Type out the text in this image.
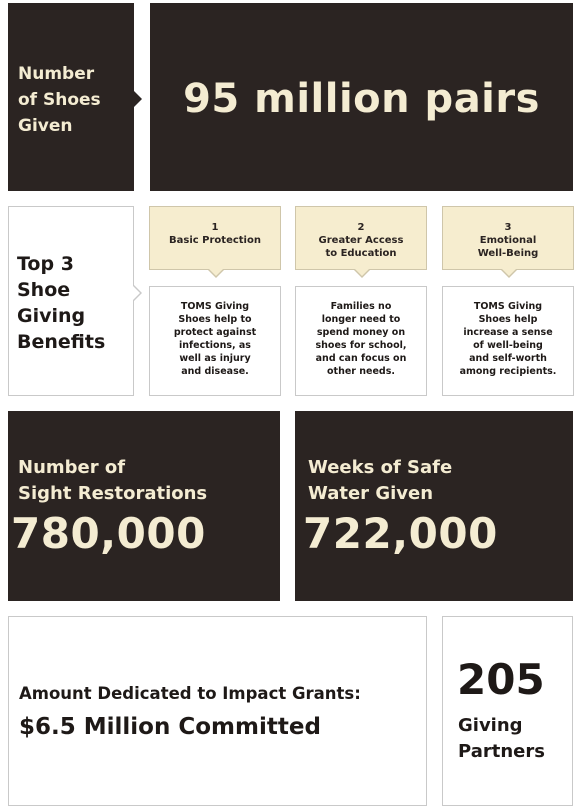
Number
of Shoes
Given
95 million pairs
Top 3
Shoe
Giving
Benefits
1
Basic Protection
TOMS Giving
Shoes help to
protect against
infections, as
well as injury
and disease.
2
Greater Access
to Education
Families no
longer need to
spend money on
shoes for school,
and can focus on
other needs.
3
Emotional
Well-Being
TOMS Giving
Shoes help
increase a sense
of well-being
and self-worth
among recipients.
Number of
Sight Restorations
780,000
Weeks of Safe
Water Given
722,000
Amount Dedicated to Impact Grants:
$6.5 Million Committed
205
Giving
Partners
